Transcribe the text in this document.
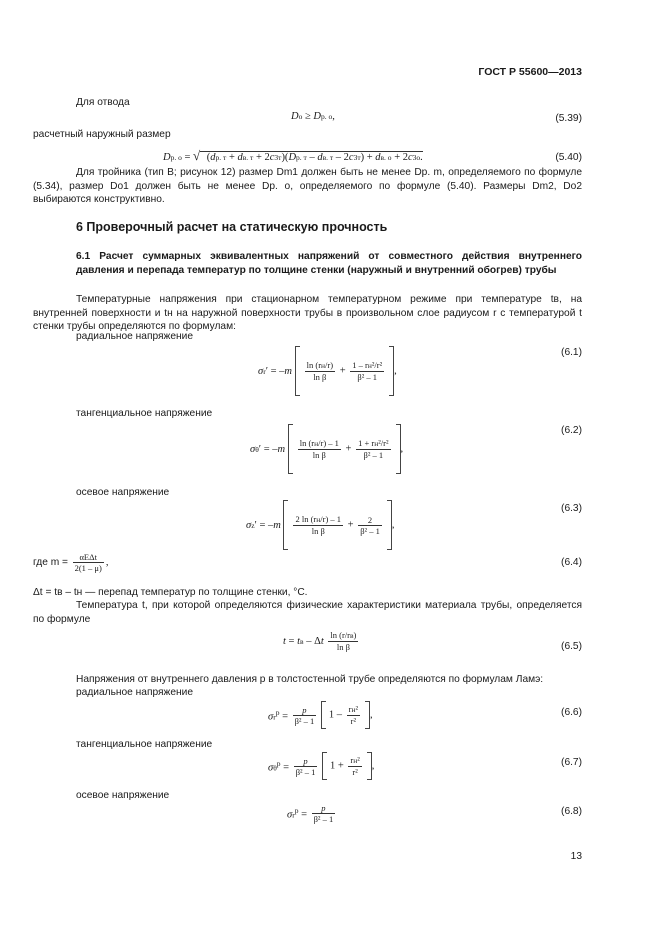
ГОСТ Р 55600—2013
Для отвода
Dо ≥ Dр. о,	(5.39)
расчетный наружный размер
Dр. о = √ (dр. т + dв. т + 2c3т)(Dр. т – dв. т – 2c3т) + dв. о + 2c3о.	(5.40)
Для тройника (тип В; рисунок 12) размер Dm1 должен быть не менее Dр. m, определяемого по формуле (5.34), размер Dо1 должен быть не менее Dр. о, определяемого по формуле (5.40). Размеры Dm2, Dо2 выбираются конструктивно.
6 Проверочный расчет на статическую прочность
6.1 Расчет суммарных эквивалентных напряжений от совместного действия внутреннего давления и перепада температур по толщине стенки (наружный и внутренний обогрев) трубы
Температурные напряжения при стационарном температурном режиме при температуре tв, на внутренней поверхности и tн на наружной поверхности трубы в произвольном слое радиусом r с температурой t стенки трубы определяются по формулам:
радиальное напряжение
σr′ = –m
ln (rн/r)
ln β
+
1 – rн²/r²
β² – 1
,
(6.1)
тангенциальное напряжение
σθ′ = –m
ln (rн/r) – 1
ln β
+
1 + rн²/r²
β² – 1
,
(6.2)
осевое напряжение
σz′ = –m
2 ln (rн/r) – 1
ln β
+ $\frac{2}{\text{β² – 1}}$ ,
(6.3)
где m =	αEΔt
2(1 – μ)
,	(6.4)
Δt = tв – tн — перепад температур по толщине стенки, °С.
Температура t, при которой определяются физические характеристики материала трубы, определяется по формуле
t = tв – Δt
ln (r/rв)
ln β	(6.5)
Напряжения от внутреннего давления p в толстостенной трубе определяются по формулам Ламэ:
радиальное напряжение
$\sigma r^p = \frac{p}{\text{β² – 1}} 1$ –
rн²
r²
,	(6.6)
тангенциальное напряжение
$\sigma\theta^p = \frac{p}{\text{β² – 1}} 1$ +
rн²
r²
,	(6.7)
осевое напряжение
$\sigma r^p = \frac{p}{\text{β² – 1}}$	(6.8)
13
